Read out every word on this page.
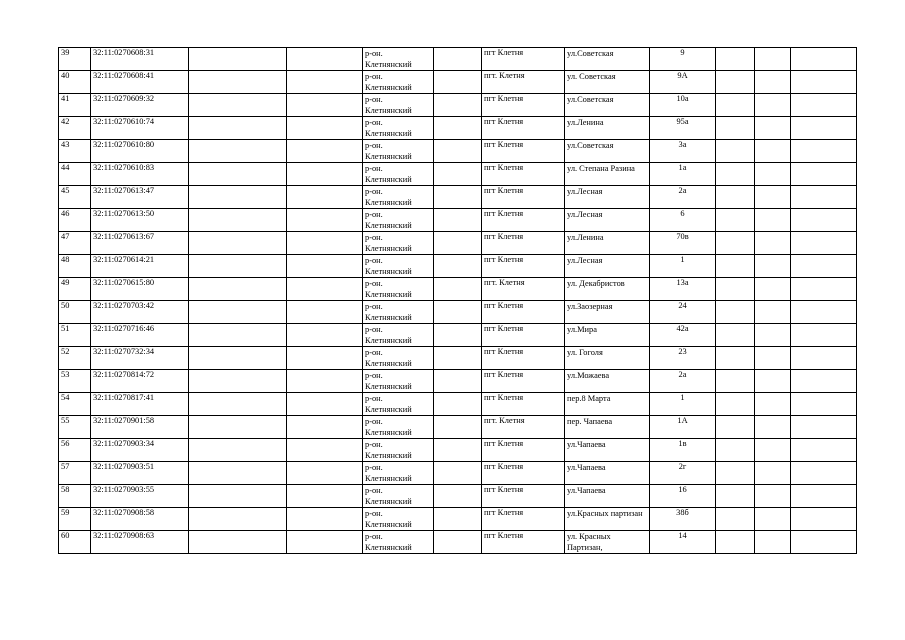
39	32:11:0270608:31			р-он. Клетнянский		пгт Клетня	ул.Советская	9			
40	32:11:0270608:41			р-он. Клетнянский		пгт. Клетня	ул. Советская	9А			
41	32:11:0270609:32			р-он. Клетнянский		пгт Клетня	ул.Советская	10а			
42	32:11:0270610:74			р-он. Клетнянский		пгт Клетня	ул.Ленина	95а			
43	32:11:0270610:80			р-он. Клетнянский		пгт Клетня	ул.Советская	3а			
44	32:11:0270610:83			р-он. Клетнянский		пгт Клетня	ул. Степана Разина	1а			
45	32:11:0270613:47			р-он. Клетнянский		пгт Клетня	ул.Лесная	2а			
46	32:11:0270613:50			р-он. Клетнянский		пгт Клетня	ул.Лесная	6			
47	32:11:0270613:67			р-он. Клетнянский		пгт Клетня	ул.Ленина	70в			
48	32:11:0270614:21			р-он. Клетнянский		пгт Клетня	ул.Лесная	1			
49	32:11:0270615:80			р-он. Клетнянский		пгт. Клетня	ул. Декабристов	13а			
50	32:11:0270703:42			р-он. Клетнянский		пгт Клетня	ул.Заозерная	24			
51	32:11:0270716:46			р-он. Клетнянский		пгт Клетня	ул.Мира	42а			
52	32:11:0270732:34			р-он. Клетнянский		пгт Клетня	ул. Гоголя	23			
53	32:11:0270814:72			р-он. Клетнянский		пгт Клетня	ул.Можаева	2а			
54	32:11:0270817:41			р-он. Клетнянский		пгт Клетня	пер.8 Марта	1			
55	32:11:0270901:58			р-он. Клетнянский		пгт. Клетня	пер. Чапаева	1А			
56	32:11:0270903:34			р-он. Клетнянский		пгт Клетня	ул.Чапаева	1в			
57	32:11:0270903:51			р-он. Клетнянский		пгт Клетня	ул.Чапаева	2г			
58	32:11:0270903:55			р-он. Клетнянский		пгт Клетня	ул.Чапаева	16			
59	32:11:0270908:58			р-он. Клетнянский		пгт Клетня	ул.Красных партизан	38б			
60	32:11:0270908:63			р-он. Клетнянский		пгт Клетня	ул. Красных Партизан,	14			
